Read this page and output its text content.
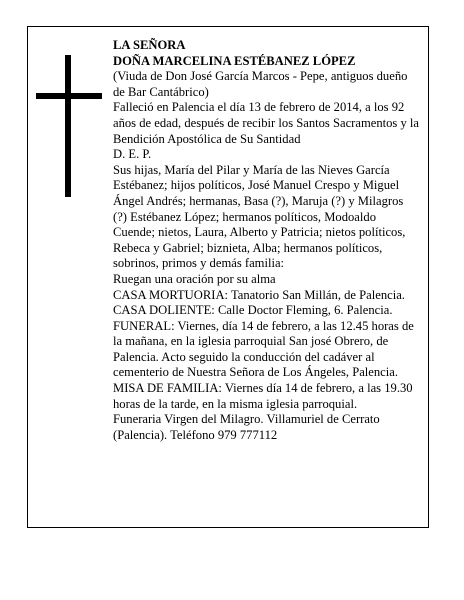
LA SEÑORA

DOÑA MARCELINA ESTÉBANEZ LÓPEZ

(Viuda de Don José García Marcos - Pepe, antiguos dueño de Bar Cantábrico)

Falleció en Palencia el día 13 de febrero de 2014, a los 92 años de edad, después de recibir los Santos Sacramentos y la Bendición Apostólica de Su Santidad

D. E. P.

Sus hijas, María del Pilar y María de las Nieves García Estébanez; hijos políticos, José Manuel Crespo y Miguel Ángel Andrés; hermanas, Basa (?), Maruja (?) y Milagros (?) Estébanez López; hermanos políticos, Modoaldo Cuende; nietos, Laura, Alberto y Patricia; nietos políticos, Rebeca y Gabriel; biznieta, Alba; hermanos políticos, sobrinos, primos y demás familia:

Ruegan una oración por su alma

CASA MORTUORIA: Tanatorio San Millán, de Palencia.

CASA DOLIENTE: Calle Doctor Fleming, 6. Palencia.

FUNERAL: Viernes, día 14 de febrero, a las 12.45 horas de la mañana, en la iglesia parroquial San josé Obrero, de Palencia. Acto seguido la conducción del cadáver al cementerio de Nuestra Señora de Los Ángeles, Palencia.

MISA DE FAMILIA: Viernes día 14 de febrero, a las 19.30 horas de la tarde, en la misma iglesia parroquial.

Funeraria Virgen del Milagro. Villamuriel de Cerrato (Palencia). Teléfono 979 777112
